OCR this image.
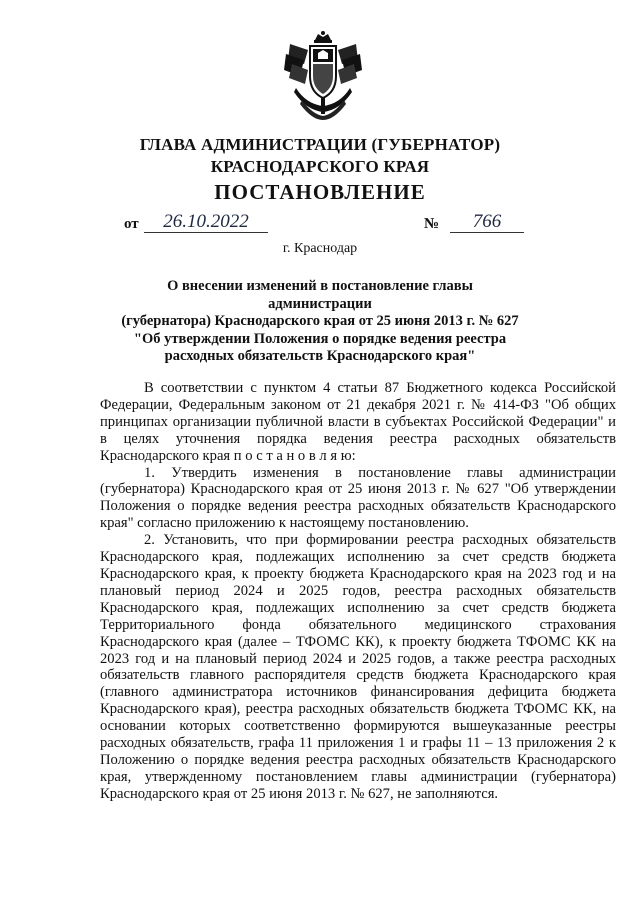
ГЛАВА АДМИНИСТРАЦИИ (ГУБЕРНАТОР)
КРАСНОДАРСКОГО КРАЯ
ПОСТАНОВЛЕНИЕ
от	26.10.2022	№	766
г. Краснодар
О внесении изменений в постановление главы администрации
(губернатора) Краснодарского края от 25 июня 2013 г. № 627
"Об утверждении Положения о порядке ведения реестра
расходных обязательств Краснодарского края"

В соответствии с пунктом 4 статьи 87 Бюджетного кодекса Российской Федерации, Федеральным законом от 21 декабря 2021 г. № 414-ФЗ "Об общих принципах организации публичной власти в субъектах Российской Федерации" и в целях уточнения порядка ведения реестра расходных обязательств Краснодарского края п о с т а н о в л я ю:

1. Утвердить изменения в постановление главы администрации (губернатора) Краснодарского края от 25 июня 2013 г. № 627 "Об утверждении Положения о порядке ведения реестра расходных обязательств Краснодарского края" согласно приложению к настоящему постановлению.

2. Установить, что при формировании реестра расходных обязательств Краснодарского края, подлежащих исполнению за счет средств бюджета Краснодарского края, к проекту бюджета Краснодарского края на 2023 год и на плановый период 2024 и 2025 годов, реестра расходных обязательств Краснодарского края, подлежащих исполнению за счет средств бюджета Территориального фонда обязательного медицинского страхования Краснодарского края (далее – ТФОМС КК), к проекту бюджета ТФОМС КК на 2023 год и на плановый период 2024 и 2025 годов, а также реестра расходных обязательств главного распорядителя средств бюджета Краснодарского края (главного администратора источников финансирования дефицита бюджета Краснодарского края), реестра расходных обязательств бюджета ТФОМС КК, на основании которых соответственно формируются вышеуказанные реестры расходных обязательств, графа 11 приложения 1 и графы 11 – 13 приложения 2 к Положению о порядке ведения реестра расходных обязательств Краснодарского края, утвержденному постановлением главы администрации (губернатора) Краснодарского края от 25 июня 2013 г. № 627, не заполняются.
